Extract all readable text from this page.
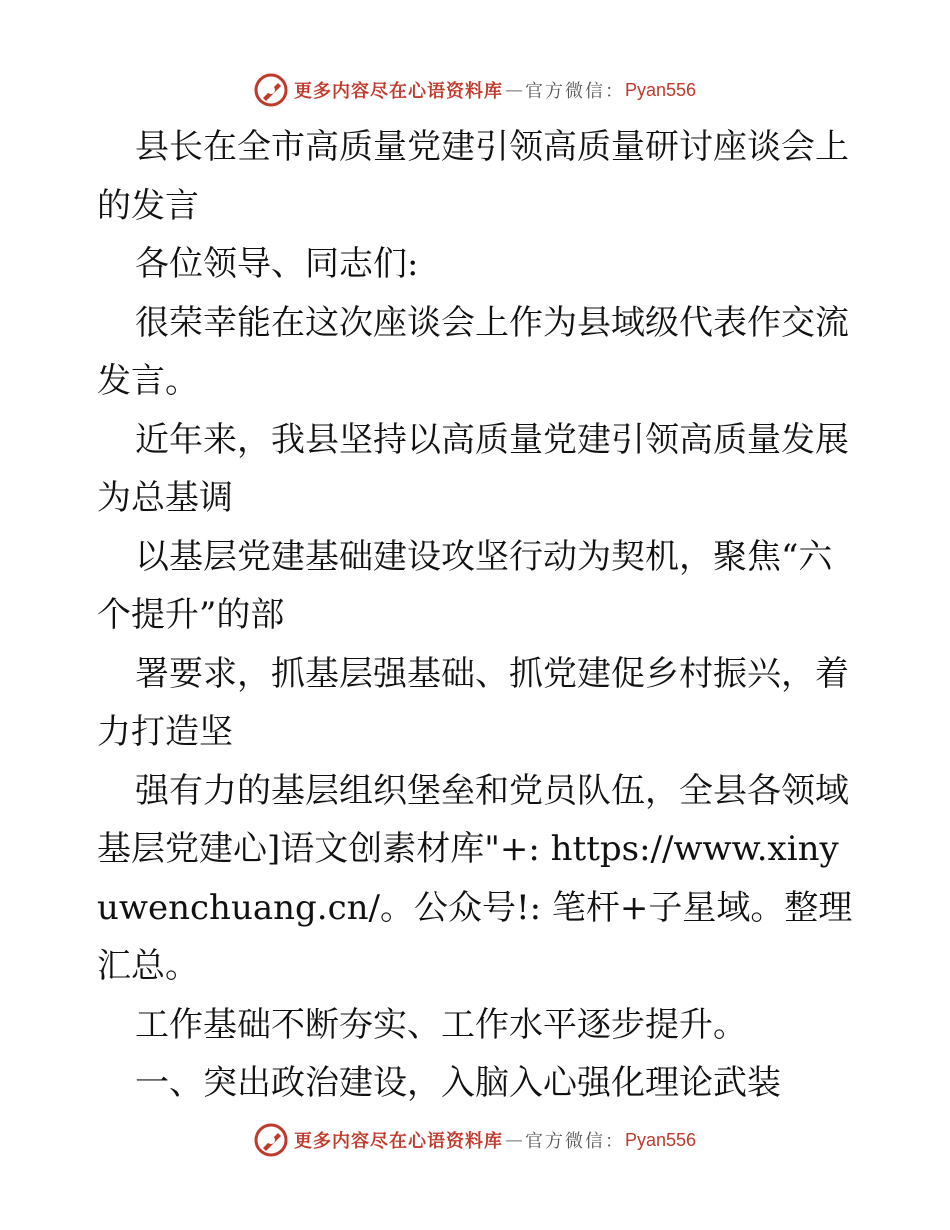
更多内容尽在心语资料库 — 官方微信： Pyan556

县长在全市高质量党建引领高质量研讨座谈会上的发言

各位领导、同志们:

很荣幸能在这次座谈会上作为县域级代表作交流发言。

近年来，我县坚持以高质量党建引领高质量发展为总基调

以基层党建基础建设攻坚行动为契机，聚焦“六个提升”的部

署要求，抓基层强基础、抓党建促乡村振兴，着力打造坚

强有力的基层组织堡垒和党员队伍，全县各领域基层党建心]语文创素材库"+: https://www.xinyuwenchuang.cn/。公众号!: 笔杆+子星域。整理汇总。

工作基础不断夯实、工作水平逐步提升。

一、突出政治建设，入脑入心强化理论武装

更多内容尽在心语资料库 — 官方微信： Pyan556
